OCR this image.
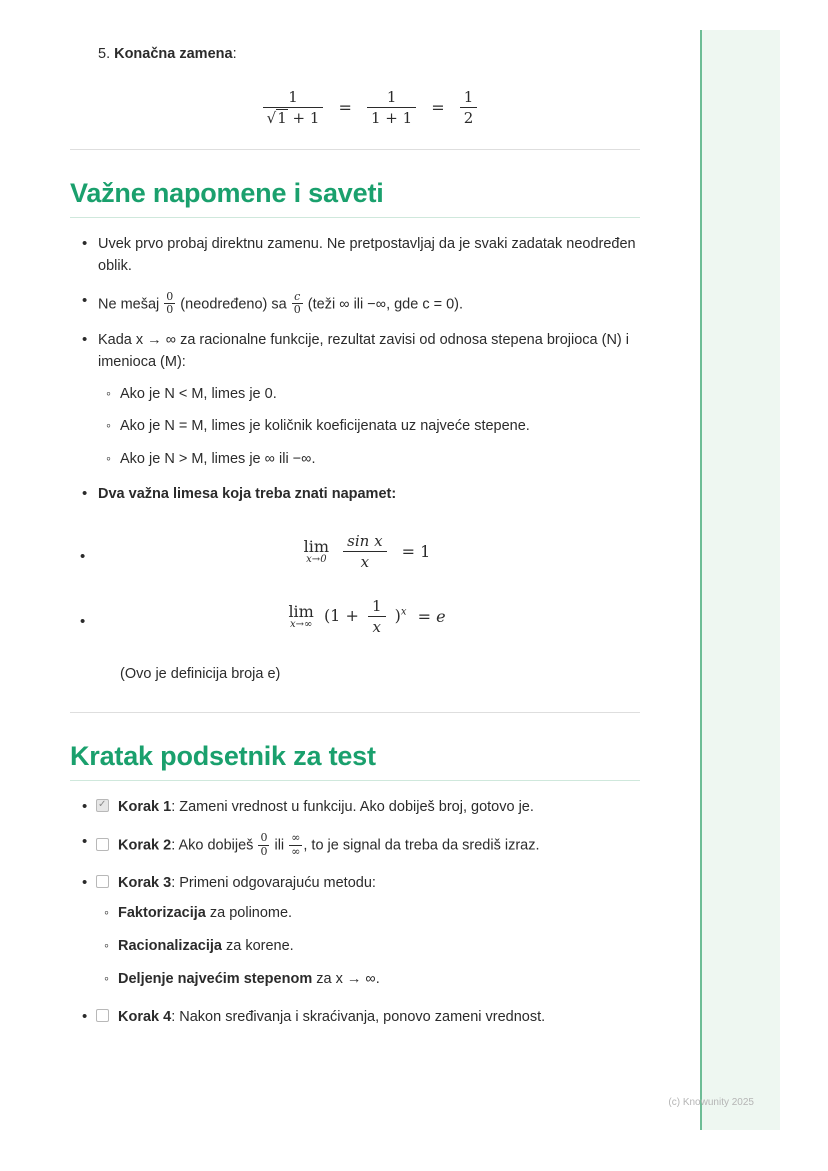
5. Konačna zamena:
$\frac{1}{√1 + 1} = \frac{1}{1 + 1} = \frac{1}{2}$
Važne napomene i saveti
• Uvek prvo probaj direktnu zamenu. Ne pretpostavljaj da je svaki zadatak neodređen oblik.
• Ne mešaj $\frac{0}{0}$ (neodređeno) sa $\frac{c}{0}$ (teži ∞ ili −∞, gde c = 0).
• Kada x → ∞ za racionalne funkcije, rezultat zavisi od odnosa stepena brojioca (N) i imenioca (M):
◦ Ako je N < M, limes je 0.
◦ Ako je N = M, limes je količnik koeficijenata uz najveće stepene.
◦ Ako je N > M, limes je ∞ ili −∞.
• Dva važna limesa koja treba znati napamet:
• lim
x→0
$\frac{\text{sin x}}{x} = 1$
• lim
x→∞ $(1 + \frac{1}{x} )^x = e$
(Ovo je definicija broja e)
Kratak podsetnik za test
✓• Korak 1: Zameni vrednost u funkciju. Ako dobiješ broj, gotovo je.
• Korak 2: Ako dobiješ $\frac{0}{0}$ ili
∞
∞ , to je signal da treba da središ izraz.
• Korak 3: Primeni odgovarajuću metodu:
◦ Faktorizacija za polinome.
◦ Racionalizacija za korene.
◦ Deljenje najvećim stepenom za x → ∞.
• Korak 4: Nakon sređivanja i skraćivanja, ponovo zameni vrednost.
(c) Knowunity 2025
